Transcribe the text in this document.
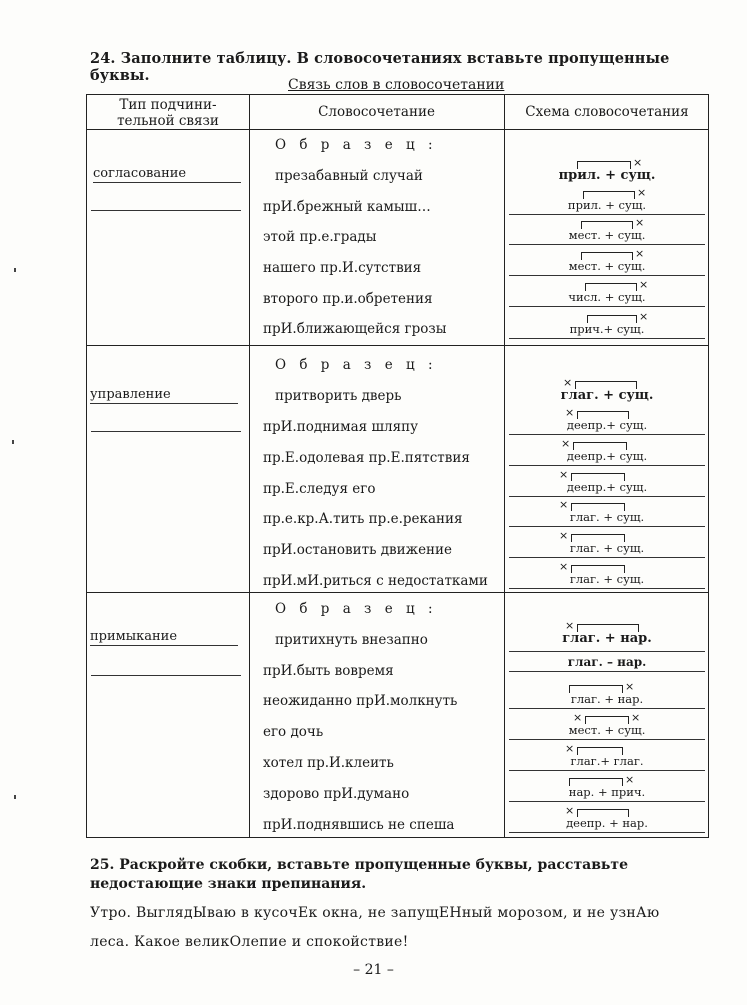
24. Заполните таблицу. В словосочетаниях вставьте пропущенные буквы.
Связь слов в словосочетании
Тип подчини-
тельной связи
Словосочетание	Схема словосочетания
согласование
О б р а з е ц :
презабавный случай
прИ.брежный камыш…
этой пр.е.грады
нашего пр.И.сутствия
второго пр.и.обретения
прИ.ближающейся грозы
×
прил. + сущ.
×
прил. + сущ.
×
мест. + сущ.
×
мест. + сущ.
×
числ. + сущ.
×
прич.+ сущ.
управление
О б р а з е ц :
притворить дверь
прИ.поднимая шляпу
пр.Е.одолевая пр.Е.пятствия
пр.Е.следуя его
пр.е.кр.А.тить пр.е.рекания
прИ.остановить движение
прИ.мИ.риться с недостатками
×
глаг. + сущ.
×
деепр.+ сущ.
×
деепр.+ сущ.
×
деепр.+ сущ.
×
глаг. + сущ.
×
глаг. + сущ.
×
глаг. + сущ.
примыкание
О б р а з е ц :
притихнуть внезапно
прИ.быть вовремя
неожиданно прИ.молкнуть
его дочь
хотел пр.И.клеить
здорово прИ.думано
прИ.поднявшись не спеша
×
глаг. + нар.
глаг. – нар.
×
глаг. + нар.
×	×
мест. + сущ.
×
глаг.+ глаг.
×
нар. + прич.
×
деепр. + нар.
25. Раскройте скобки, вставьте пропущенные буквы, расставьте недостающие знаки препинания.
Утро. ВыглядЫваю в кусочЕк окна, не запущЕНный морозом, и не узнАю
леса. Какое великОлепие и спокойствие!
– 21 –
